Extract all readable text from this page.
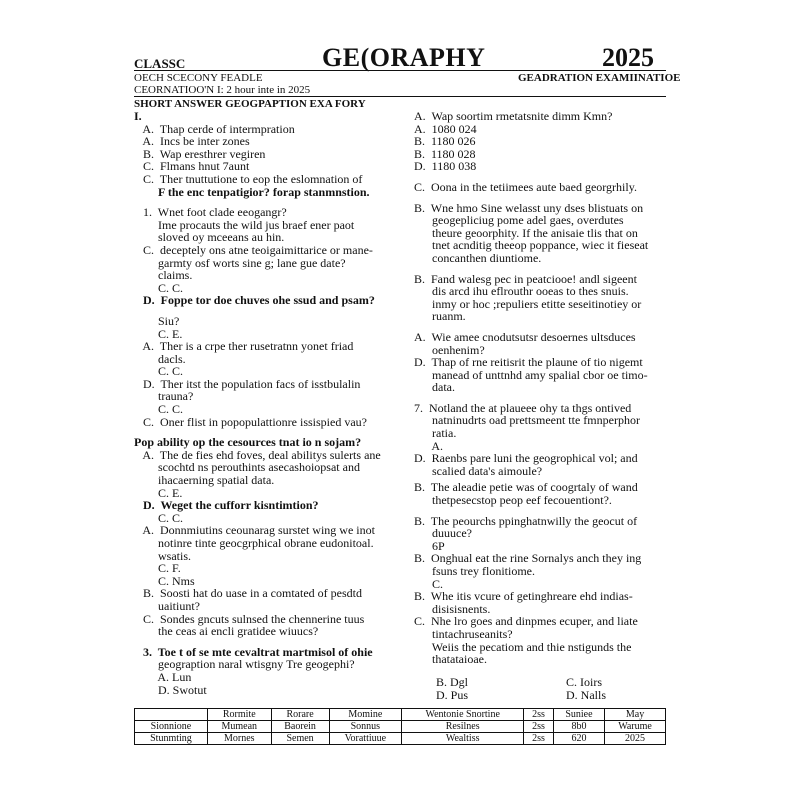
CLASSC	GE(ORAPHY	2025
OECH SCECONY FEADLE
CEORNATIOO'N I: 2 hour inte in 2025
GEADRATION EXAMIINATIOE
SHORT ANSWER GEOGPAPTION EXA FORY
I.
A.  Thap cerde of intermpration
A.  Incs be inter zones
B.  Wap eresthrer vegiren
C.  Flmans hnut 7aunt
C.  Ther tnuttutione to eop the eslomnation of
F the enc tenpatigior? forap stanmnstion.
1.  Wnet foot clade eeogangr?
Ime procauts the wild jus braef ener paot
sloved oy mceeans au hin.
C.  deceptely ons atne teoigaimittarice or mane-
garmty osf worts sine g; lane gue date?
claims.
C. C.
D.  Foppe tor doe chuves ohe ssud and psam?
Siu?
C. E.
A.  Ther is a crpe ther rusetratnn yonet friad
dacls.
C. C.
D.  Ther itst the population facs of isstbulalin
trauna?
C. C.
C.  Oner flist in popopulattionre issispied vau?
Pop ability op the cesources tnat io n sojam?
A.  The de fies ehd foves, deal abilitys sulerts ane
scochtd ns perouthints asecashoiopsat and
ihacaerning spatial data.
C. E.
D.  Weget the cufforr kisntimtion?
C. C.
A.  Donnmiutins ceounarag surstet wing we inot
notinre tinte geocgrphical obrane eudonitoal.
wsatis.
C. F.
C. Nms
B.  Soosti hat do uase in a comtated of pesdtd
uaitiunt?
C.  Sondes gncuts sulnsed the chennerine tuus
the ceas ai encli gratidee wiuucs?
3.  Toe t of se mte cevaltrat martmisol of ohie
geograption naral wtisgny Tre geogephi?
A. Lun
D. Swotut
A.  Wap soortim rmetatsnite dimm Kmn?
A.  1080 024
B.  1180 026
B.  1180 028
D.  1180 038
C.  Oona in the tetiimees aute baed georgrhily.
B.  Wne hmo Sine welasst uny dses blistuats on
geogepliciug pome adel gaes, overdutes
theure geoorphity. If the anisaie tlis that on
tnet acnditig theeop poppance, wiec it fieseat
concanthen diuntiome.
B.  Fand walesg pec in peatciooe! andl sigeent
dis arcd ihu eflrouthr ooeas to thes snuis.
inmy or hoc ;repuliers etitte seseitinotiey or
ruanm.
A.  Wie amee cnodutsutsr desoernes ultsduces
oenhenim?
D.  Thap of rne reitisrit the plaune of tio nigemt
manead of unttnhd amy spalial cbor oe timo-
data.
7.  Notland the at plaueee ohy ta thgs ontived
natninudrts oad prettsmeent tte fmnperphor
ratia.
A.
D.  Raenbs pare luni the geogrophical vol; and
scalied data's aimoule?
B.  The aleadie petie was of coogrtaly of wand
thetpesecstop peop eef fecouentiont?.
B.  The peourchs ppinghatnwilly the geocut of
duuuce?
6P
B.  Onghual eat the rine Sornalys anch they ing
fsuns trey flonitiome.
C.
B.  Whe itis vcure of getinghreare ehd indias-
disisisnents.
C.  Nhe lro goes and dinpmes ecuper, and liate
tintachruseanits?
Weiis the pecatiom and thie nstigunds the
thatataioae.
B. Dgl	C. Ioirs
D. Pus	D. Nalls
	Rormite	Rorare	Momine	Wentonie Snortine	2ss	Suniee	May
Sionnione	Mumean	Baorein	Sonnus	Resilnes	2ss	8b0	Warume
Stunmting	Mornes	Semen	Vorattiuue	Wealtiss	2ss	620	2025
